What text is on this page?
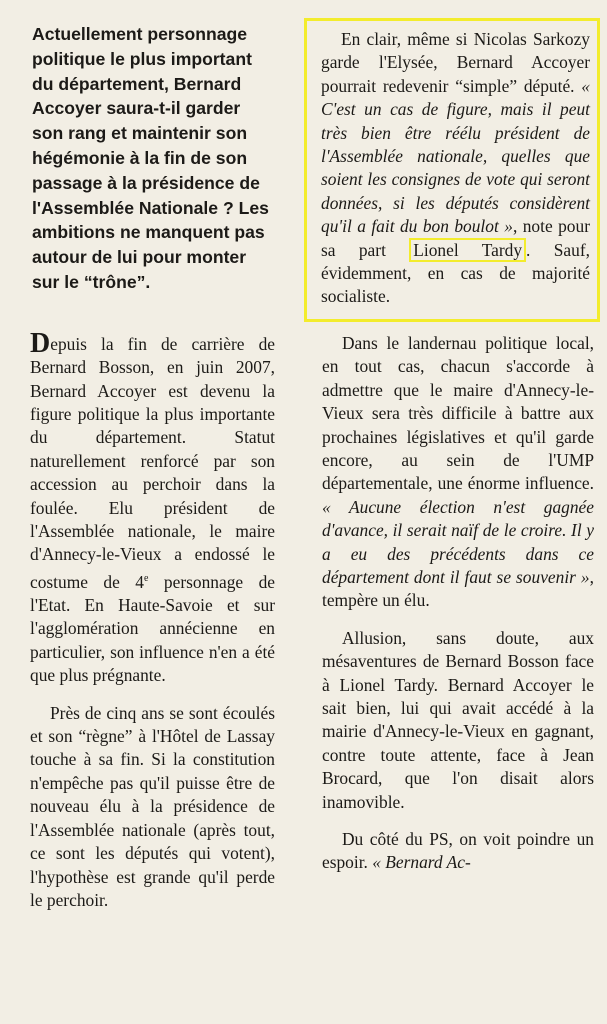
Actuellement personnage politique le plus important du département, Bernard Accoyer saura-t-il garder son rang et maintenir son hégémonie à la fin de son passage à la présidence de l'Assemblée Nationale ? Les ambitions ne manquent pas autour de lui pour monter sur le “trône”.

Depuis la fin de carrière de Bernard Bosson, en juin 2007, Bernard Accoyer est devenu la figure politique la plus importante du département. Statut naturellement renforcé par son accession au perchoir dans la foulée. Elu président de l'Assemblée nationale, le maire d'Annecy-le-Vieux a endossé le costume de 4e personnage de l'Etat. En Haute-Savoie et sur l'agglomération annécienne en particulier, son influence n'en a été que plus prégnante.

Près de cinq ans se sont écoulés et son “règne” à l'Hôtel de Lassay touche à sa fin. Si la constitution n'empêche pas qu'il puisse être de nouveau élu à la présidence de l'Assemblée nationale (après tout, ce sont les députés qui votent), l'hypothèse est grande qu'il perde le perchoir.

En clair, même si Nicolas Sarkozy garde l'Elysée, Bernard Accoyer pourrait redevenir “simple” député. « C'est un cas de figure, mais il peut très bien être réélu président de l'Assemblée nationale, quelles que soient les consignes de vote qui seront données, si les députés considèrent qu'il a fait du bon boulot », note pour sa part Lionel Tardy . Sauf, évidemment, en cas de majorité socialiste.

Dans le landernau politique local, en tout cas, chacun s'accorde à admettre que le maire d'Annecy-le-Vieux sera très difficile à battre aux prochaines législatives et qu'il garde encore, au sein de l'UMP départementale, une énorme influence. « Aucune élection n'est gagnée d'avance, il serait naïf de le croire. Il y a eu des précédents dans ce département dont il faut se souvenir », tempère un élu.

Allusion, sans doute, aux mésaventures de Bernard Bosson face à Lionel Tardy. Bernard Accoyer le sait bien, lui qui avait accédé à la mairie d'Annecy-le-Vieux en gagnant, contre toute attente, face à Jean Brocard, que l'on disait alors inamovible.

Du côté du PS, on voit poindre un espoir. « Bernard Ac-
